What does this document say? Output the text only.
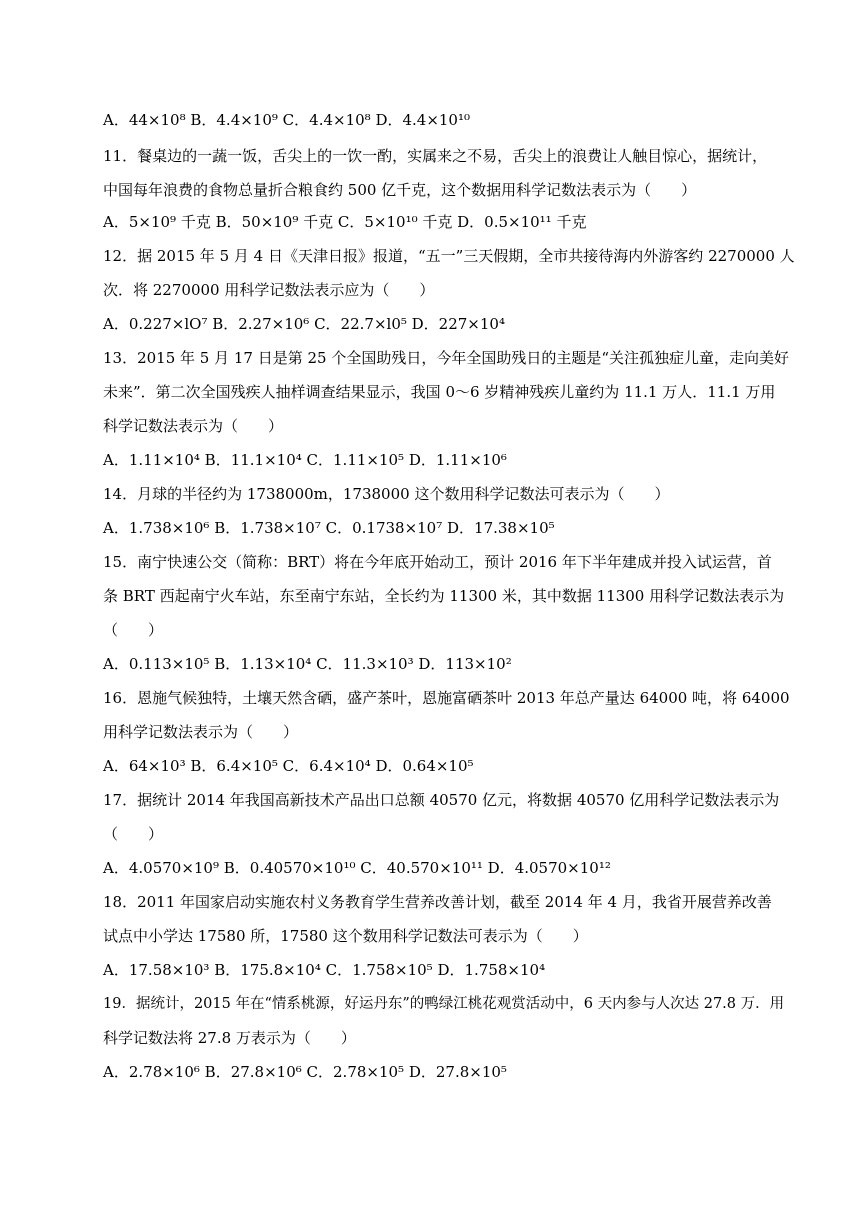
A．44×10⁸ B．4.4×10⁹ C．4.4×10⁸ D．4.4×10¹⁰
11．餐桌边的一蔬一饭，舌尖上的一饮一酌，实属来之不易，舌尖上的浪费让人触目惊心，据统计，
中国每年浪费的食物总量折合粮食约 500 亿千克，这个数据用科学记数法表示为（　　）
A．5×10⁹ 千克 B．50×10⁹ 千克 C．5×10¹⁰ 千克 D．0.5×10¹¹ 千克
12．据 2015 年 5 月 4 日《天津日报》报道，“五一”三天假期，全市共接待海内外游客约 2270000 人
次．将 2270000 用科学记数法表示应为（　　）
A．0.227×lO⁷ B．2.27×10⁶ C．22.7×l0⁵ D．227×10⁴
13．2015 年 5 月 17 日是第 25 个全国助残日，今年全国助残日的主题是“关注孤独症儿童，走向美好
未来”．第二次全国残疾人抽样调查结果显示，我国 0～6 岁精神残疾儿童约为 11.1 万人．11.1 万用
科学记数法表示为（　　）
A．1.11×10⁴ B．11.1×10⁴ C．1.11×10⁵ D．1.11×10⁶
14．月球的半径约为 1738000m，1738000 这个数用科学记数法可表示为（　　）
A．1.738×10⁶ B．1.738×10⁷ C．0.1738×10⁷ D．17.38×10⁵
15．南宁快速公交（简称：BRT）将在今年底开始动工，预计 2016 年下半年建成并投入试运营，首
条 BRT 西起南宁火车站，东至南宁东站，全长约为 11300 米，其中数据 11300 用科学记数法表示为
（　　）
A．0.113×10⁵ B．1.13×10⁴ C．11.3×10³ D．113×10²
16．恩施气候独特，土壤天然含硒，盛产茶叶，恩施富硒茶叶 2013 年总产量达 64000 吨，将 64000
用科学记数法表示为（　　）
A．64×10³ B．6.4×10⁵ C．6.4×10⁴ D．0.64×10⁵
17．据统计 2014 年我国高新技术产品出口总额 40570 亿元，将数据 40570 亿用科学记数法表示为
（　　）
A．4.0570×10⁹ B．0.40570×10¹⁰ C．40.570×10¹¹ D．4.0570×10¹²
18．2011 年国家启动实施农村义务教育学生营养改善计划，截至 2014 年 4 月，我省开展营养改善
试点中小学达 17580 所，17580 这个数用科学记数法可表示为（　　）
A．17.58×10³ B．175.8×10⁴ C．1.758×10⁵ D．1.758×10⁴
19．据统计，2015 年在“情系桃源，好运丹东”的鸭绿江桃花观赏活动中，6 天内参与人次达 27.8 万．用
科学记数法将 27.8 万表示为（　　）
A．2.78×10⁶ B．27.8×10⁶ C．2.78×10⁵ D．27.8×10⁵
